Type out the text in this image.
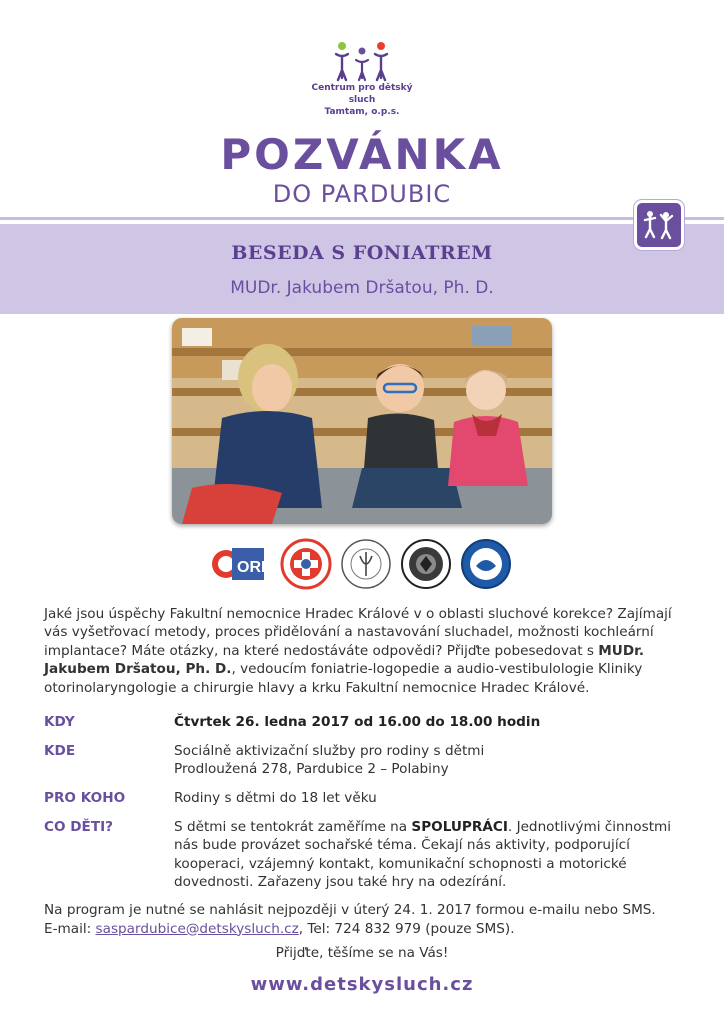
Centrum pro dětský sluch
Tamtam, o.p.s.
POZVÁNKA
DO PARDUBIC
BESEDA S FONIATREM
MUDr. Jakubem Dršatou, Ph. D.
ORL
Jaké jsou úspěchy Fakultní nemocnice Hradec Králové v o oblasti sluchové korekce? Zajímají vás vyšetřovací metody, proces přidělování a nastavování sluchadel, možnosti kochleární implantace? Máte otázky, na které nedostáváte odpovědi? Přijďte pobesedovat s MUDr. Jakubem Dršatou, Ph. D., vedoucím foniatrie-logopedie a audio-vestibulologie Kliniky otorinolaryngologie a chirurgie hlavy a krku Fakultní nemocnice Hradec Králové.
KDY	Čtvrtek 26. ledna 2017 od 16.00 do 18.00 hodin
KDE	Sociálně aktivizační služby pro rodiny s dětmi
Prodloužená 278, Pardubice 2 – Polabiny
PRO KOHO	Rodiny s dětmi do 18 let věku
CO DĚTI?	S dětmi se tentokrát zaměříme na SPOLUPRÁCI. Jednotlivými činnostmi nás bude provázet sochařské téma. Čekají nás aktivity, podporující kooperaci, vzájemný kontakt, komunikační schopnosti a motorické dovednosti. Zařazeny jsou také hry na odezírání.
Na program je nutné se nahlásit nejpozději v úterý 24. 1. 2017 formou e-mailu nebo SMS.
E-mail: saspardubice@detskysluch.cz, Tel: 724 832 979 (pouze SMS).
Přijďte, těšíme se na Vás!
www.detskysluch.cz
